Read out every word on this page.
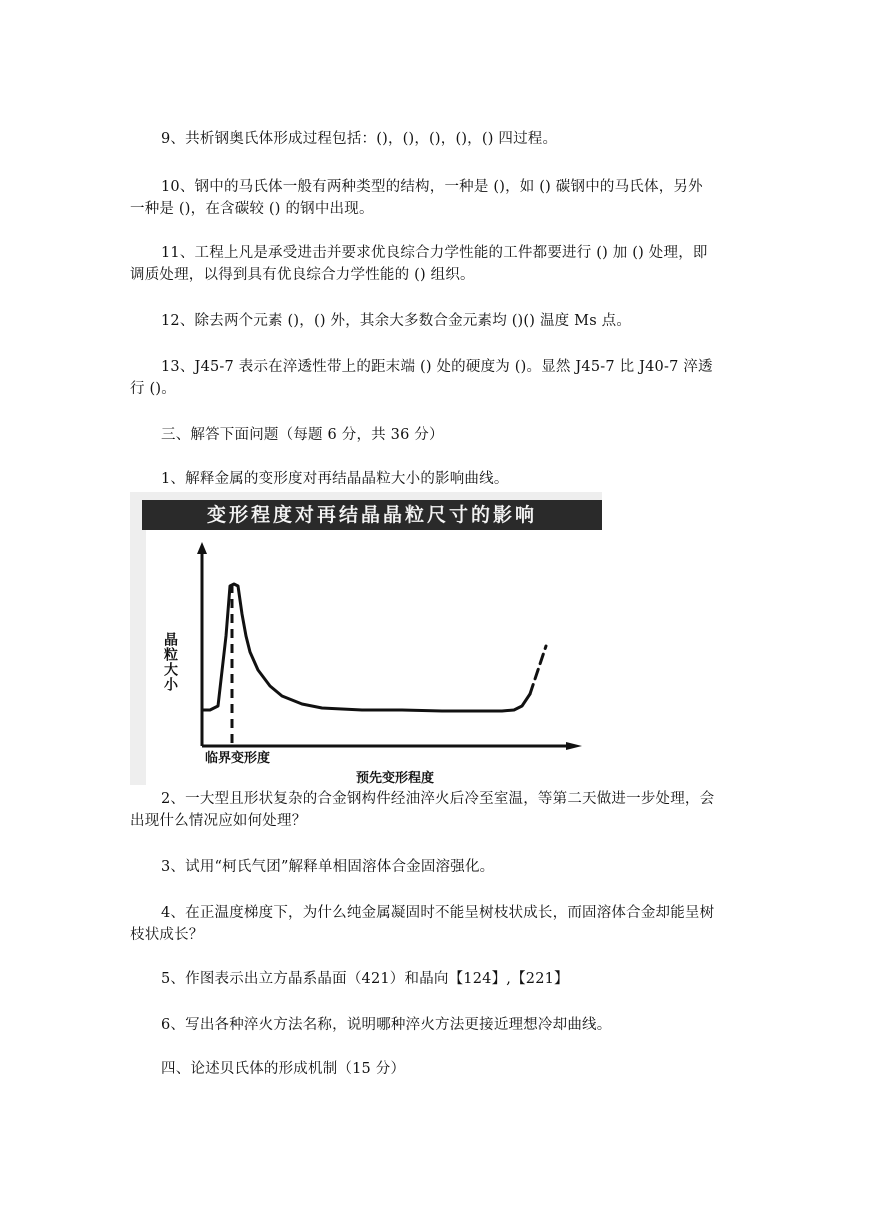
9、共析钢奥氏体形成过程包括：()，()，()，()，() 四过程。
10、钢中的马氏体一般有两种类型的结构，一种是 ()，如 () 碳钢中的马氏体，另外
一种是 ()，在含碳较 () 的钢中出现。
11、工程上凡是承受进击并要求优良综合力学性能的工件都要进行 () 加 () 处理，即
调质处理，以得到具有优良综合力学性能的 () 组织。
12、除去两个元素 ()，() 外，其余大多数合金元素均 ()() 温度 Ms 点。
13、J45-7 表示在淬透性带上的距末端 () 处的硬度为 ()。显然 J45-7 比 J40-7 淬透
行 ()。
三、解答下面问题（每题 6 分，共 36 分）
1、解释金属的变形度对再结晶晶粒大小的影响曲线。
变形程度对再结晶晶粒尺寸的影响
临界变形度
预先变形程度
晶粒大小
2、一大型且形状复杂的合金钢构件经油淬火后冷至室温，等第二天做进一步处理，会
出现什么情况应如何处理？
3、试用“柯氏气团”解释单相固溶体合金固溶强化。
4、在正温度梯度下，为什么纯金属凝固时不能呈树枝状成长，而固溶体合金却能呈树
枝状成长？
5、作图表示出立方晶系晶面（421）和晶向【124】,【221】
6、写出各种淬火方法名称，说明哪种淬火方法更接近理想冷却曲线。
四、论述贝氏体的形成机制（15 分）
